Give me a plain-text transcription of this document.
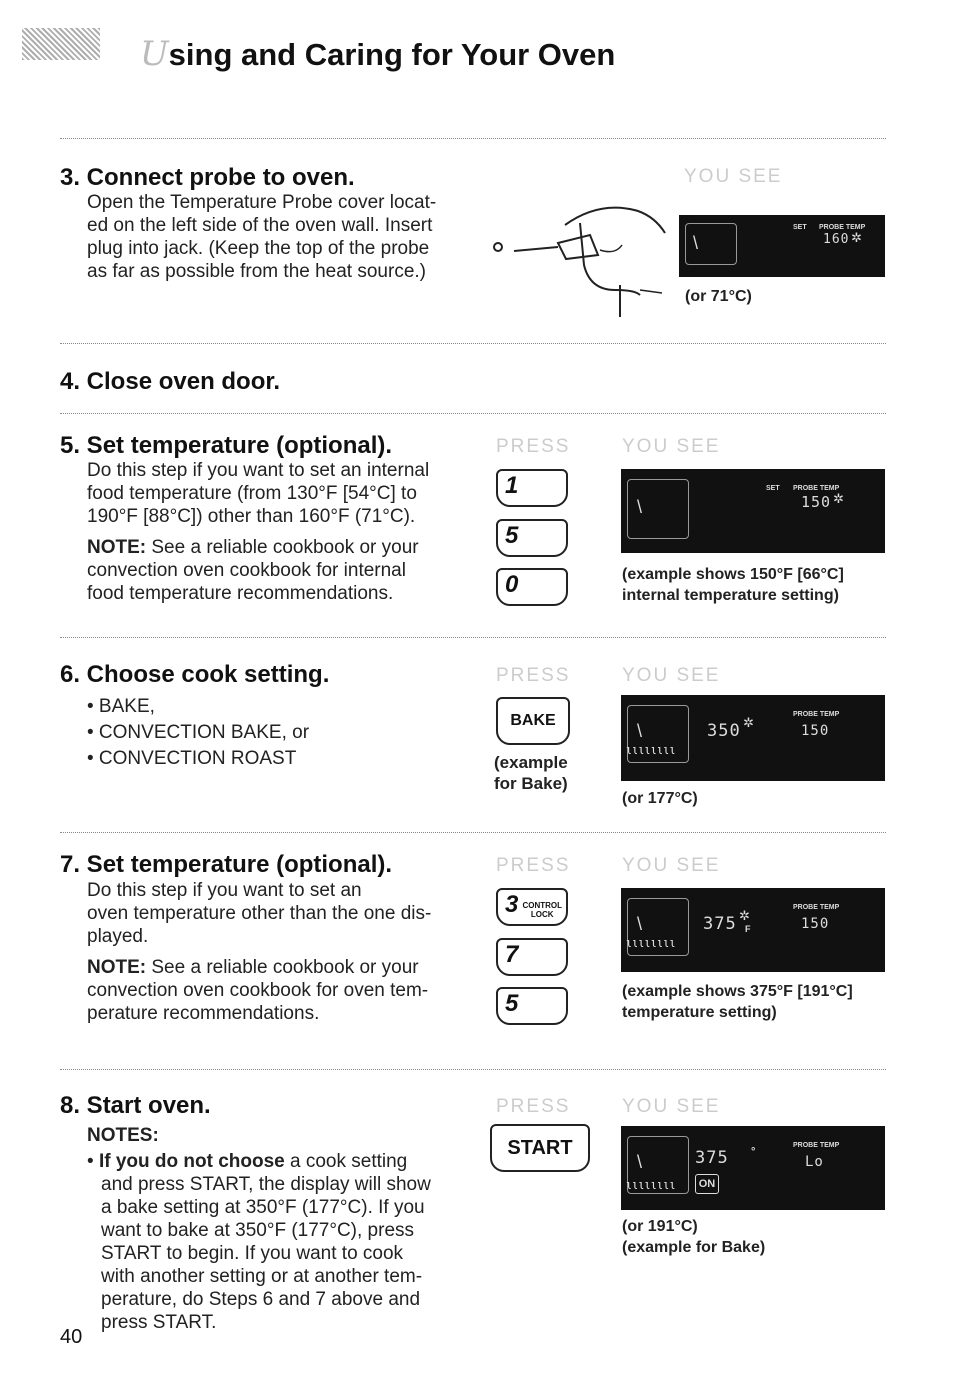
Using and Caring for Your Oven
3. Connect probe to oven.
Open the Temperature Probe cover locat-
ed on the left side of the oven wall. Insert
plug into jack. (Keep the top of the probe
as far as possible from the heat source.)
YOU SEE
\
SET PROBE TEMP
160 ✲
(or 71°C)
4. Close oven door.
5. Set temperature (optional).
Do this step if you want to set an internal
food temperature (from 130°F [54°C] to
190°F [88°C]) other than 160°F (71°C).
NOTE: See a reliable cookbook or your
convection oven cookbook for internal
food temperature recommendations.
PRESS	YOU SEE
1
5
0
\
SET PROBE TEMP
150 ✲
(example shows 150°F [66°C]
internal temperature setting)
6. Choose cook setting.
• BAKE,
• CONVECTION BAKE, or
• CONVECTION ROAST
PRESS	YOU SEE
BAKE
(example
for Bake)
\	350 ✲
PROBE TEMP
150
ιιιιιιιι
(or 177°C)
7. Set temperature (optional).
Do this step if you want to set an
oven temperature other than the one dis-
played.
NOTE: See a reliable cookbook or your
convection oven cookbook for oven tem-
perature recommendations.
PRESS	YOU SEE
3 CONTROL
LOCK
7
5
\	375 ✲
F
PROBE TEMP
150
ιιιιιιιι
(example shows 375°F [191°C]
temperature setting)
8. Start oven.
NOTES:
• If you do not choose a cook setting
and press START, the display will show
a bake setting at 350°F (177°C). If you
want to bake at 350°F (177°C), press
START to begin. If you want to cook
with another setting or at another tem-
perature, do Steps 6 and 7 above and
press START.
PRESS	YOU SEE
START
\	375 °
PROBE TEMP
Lo
ιιιιιιιι	ON
(or 191°C)
(example for Bake)
40
